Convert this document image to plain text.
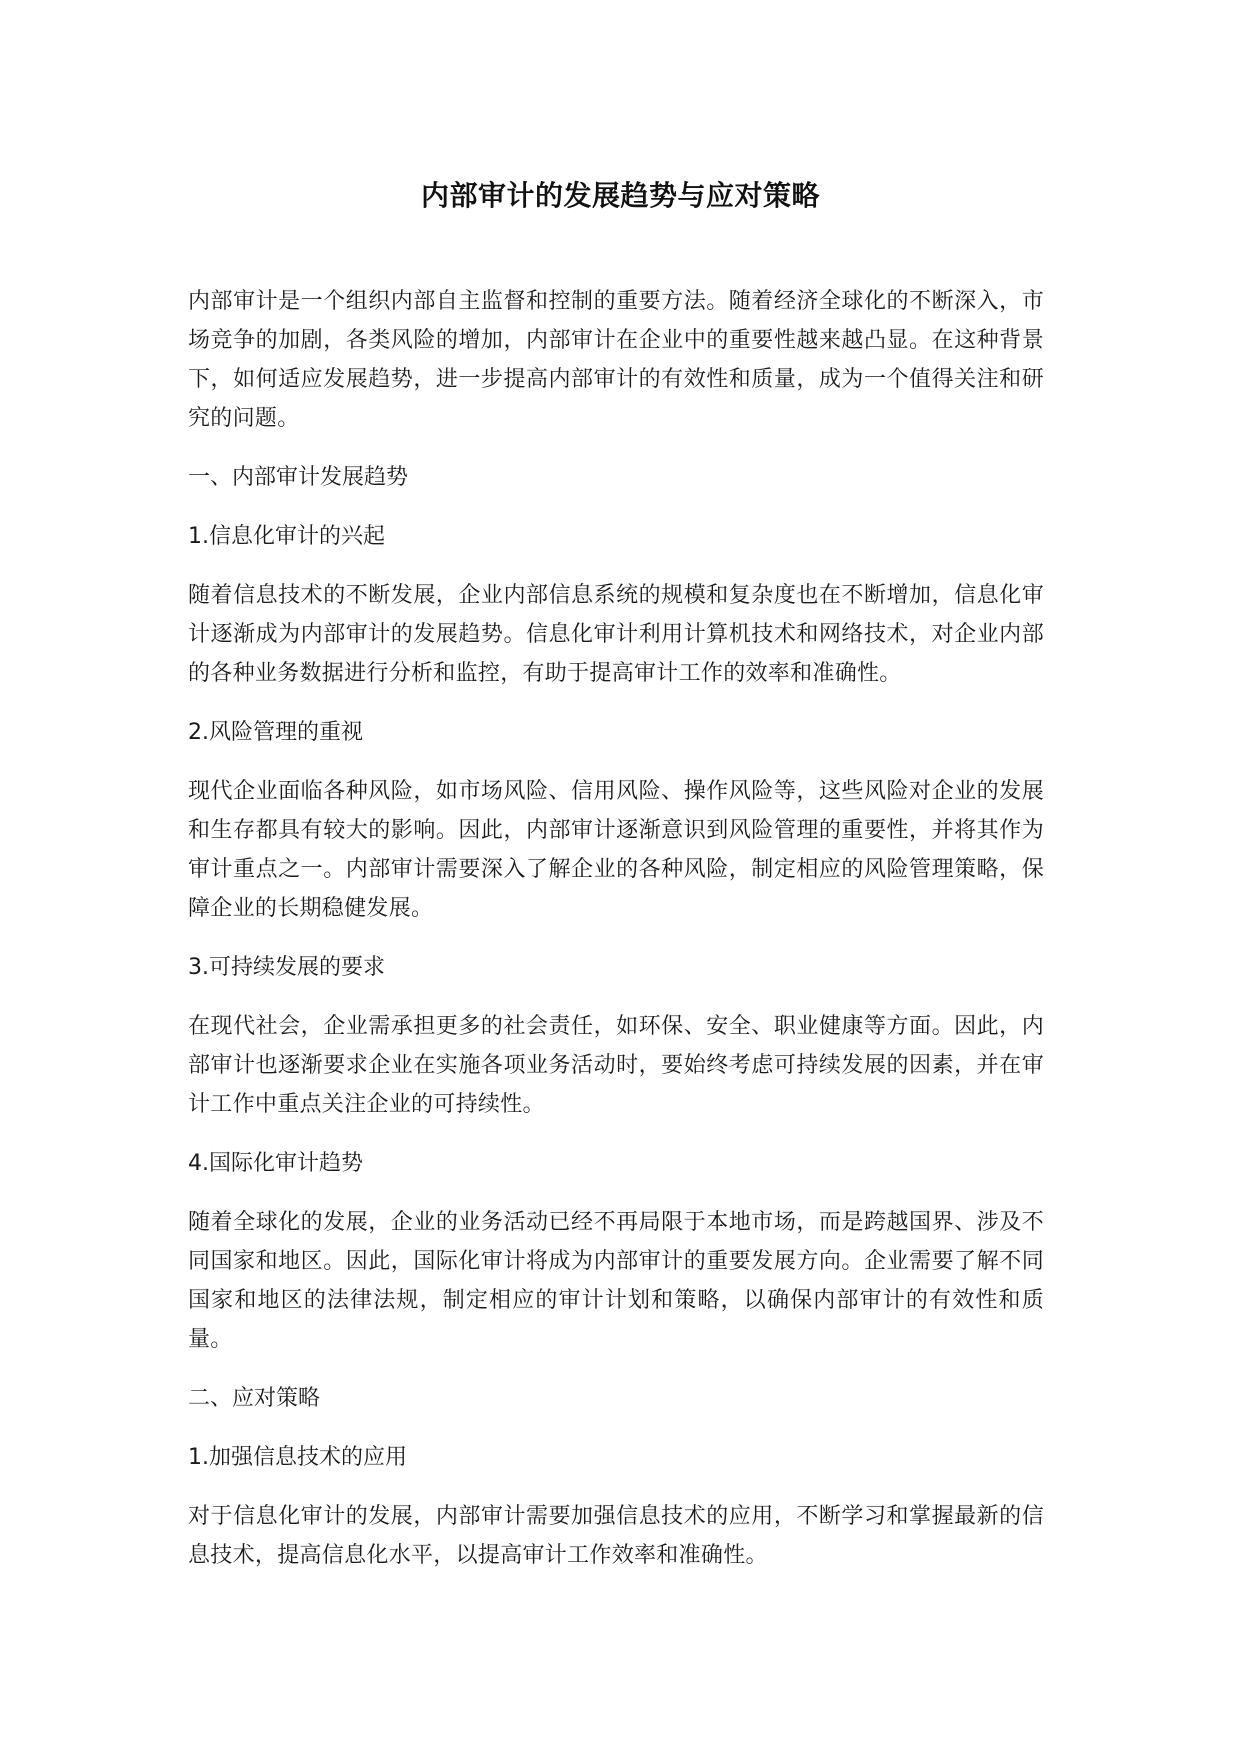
内部审计的发展趋势与应对策略

内部审计是一个组织内部自主监督和控制的重要方法。随着经济全球化的不断深入，市场竞争的加剧，各类风险的增加，内部审计在企业中的重要性越来越凸显。在这种背景下，如何适应发展趋势，进一步提高内部审计的有效性和质量，成为一个值得关注和研究的问题。

一、内部审计发展趋势

1.信息化审计的兴起

随着信息技术的不断发展，企业内部信息系统的规模和复杂度也在不断增加，信息化审计逐渐成为内部审计的发展趋势。信息化审计利用计算机技术和网络技术，对企业内部的各种业务数据进行分析和监控，有助于提高审计工作的效率和准确性。

2.风险管理的重视

现代企业面临各种风险，如市场风险、信用风险、操作风险等，这些风险对企业的发展和生存都具有较大的影响。因此，内部审计逐渐意识到风险管理的重要性，并将其作为审计重点之一。内部审计需要深入了解企业的各种风险，制定相应的风险管理策略，保障企业的长期稳健发展。

3.可持续发展的要求

在现代社会，企业需承担更多的社会责任，如环保、安全、职业健康等方面。因此，内部审计也逐渐要求企业在实施各项业务活动时，要始终考虑可持续发展的因素，并在审计工作中重点关注企业的可持续性。

4.国际化审计趋势

随着全球化的发展，企业的业务活动已经不再局限于本地市场，而是跨越国界、涉及不同国家和地区。因此，国际化审计将成为内部审计的重要发展方向。企业需要了解不同国家和地区的法律法规，制定相应的审计计划和策略，以确保内部审计的有效性和质量。

二、应对策略

1.加强信息技术的应用

对于信息化审计的发展，内部审计需要加强信息技术的应用，不断学习和掌握最新的信息技术，提高信息化水平，以提高审计工作效率和准确性。
